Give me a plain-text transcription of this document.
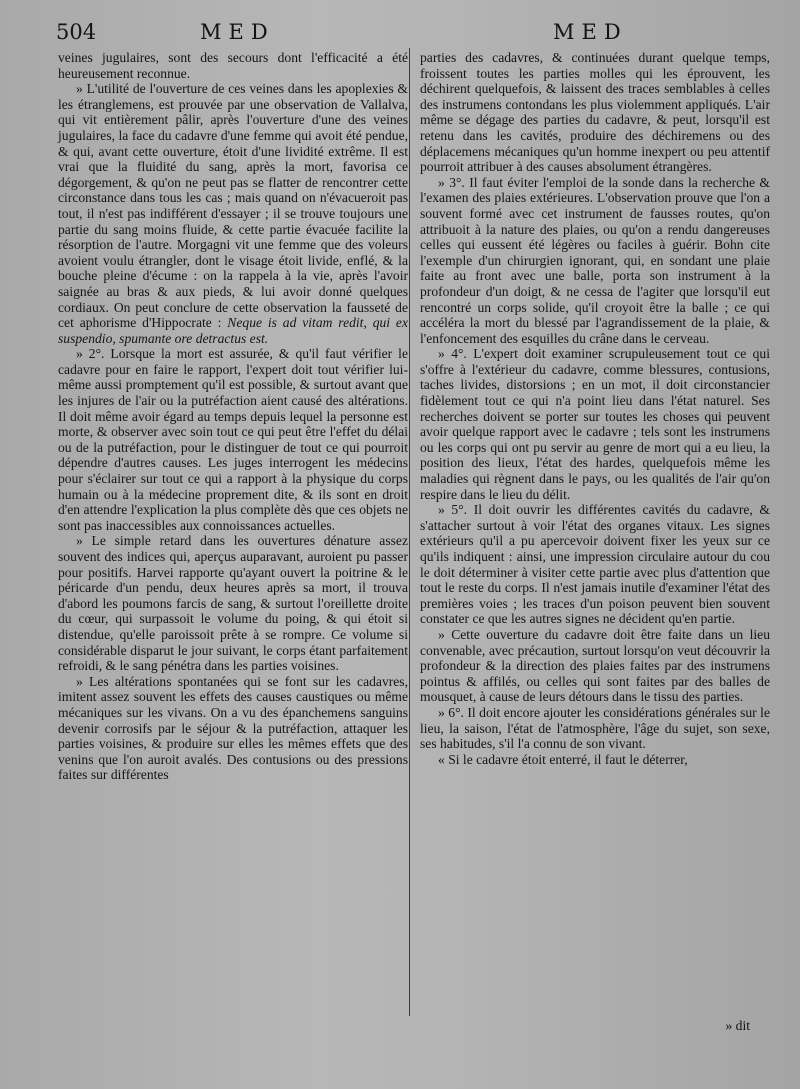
504	MED	MED

veines jugulaires, sont des secours dont l'efficacité a été heureusement reconnue.

» L'utilité de l'ouverture de ces veines dans les apoplexies & les étranglemens, est prouvée par une observation de Vallalva, qui vit entièrement pâlir, après l'ouverture d'une des veines jugulaires, la face du cadavre d'une femme qui avoit été pendue, & qui, avant cette ouverture, étoit d'une lividité extrême. Il est vrai que la fluidité du sang, après la mort, favorisa ce dégorgement, & qu'on ne peut pas se flatter de rencontrer cette circonstance dans tous les cas ; mais quand on n'évacueroit pas tout, il n'est pas indifférent d'essayer ; il se trouve toujours une partie du sang moins fluide, & cette partie évacuée facilite la résorption de l'autre. Morgagni vit une femme que des voleurs avoient voulu étrangler, dont le visage étoit livide, enflé, & la bouche pleine d'écume : on la rappela à la vie, après l'avoir saignée au bras & aux pieds, & lui avoir donné quelques cordiaux. On peut conclure de cette observation la fausseté de cet aphorisme d'Hippocrate : Neque is ad vitam redit, qui ex suspendio, spumante ore detractus est.

» 2°. Lorsque la mort est assurée, & qu'il faut vérifier le cadavre pour en faire le rapport, l'expert doit tout vérifier lui-même aussi promptement qu'il est possible, & surtout avant que les injures de l'air ou la putréfaction aient causé des altérations. Il doit même avoir égard au temps depuis lequel la personne est morte, & observer avec soin tout ce qui peut être l'effet du délai ou de la putréfaction, pour le distinguer de tout ce qui pourroit dépendre d'autres causes. Les juges interrogent les médecins pour s'éclairer sur tout ce qui a rapport à la physique du corps humain ou à la médecine proprement dite, & ils sont en droit d'en attendre l'explication la plus complète dès que ces objets ne sont pas inaccessibles aux connoissances actuelles.

» Le simple retard dans les ouvertures dénature assez souvent des indices qui, aperçus auparavant, auroient pu passer pour positifs. Harvei rapporte qu'ayant ouvert la poitrine & le péricarde d'un pendu, deux heures après sa mort, il trouva d'abord les poumons farcis de sang, & surtout l'oreillette droite du cœur, qui surpassoit le volume du poing, & qui étoit si distendue, qu'elle paroissoit prête à se rompre. Ce volume si considérable disparut le jour suivant, le corps étant parfaitement refroidi, & le sang pénétra dans les parties voisines.

» Les altérations spontanées qui se font sur les cadavres, imitent assez souvent les effets des causes caustiques ou même mécaniques sur les vivans. On a vu des épanchemens sanguins devenir corrosifs par le séjour & la putréfaction, attaquer les parties voisines, & produire sur elles les mêmes effets que des venins que l'on auroit avalés. Des contusions ou des pressions faites sur différentes

parties des cadavres, & continuées durant quelque temps, froissent toutes les parties molles qui les éprouvent, les déchirent quelquefois, & laissent des traces semblables à celles des instrumens contondans les plus violemment appliqués. L'air même se dégage des parties du cadavre, & peut, lorsqu'il est retenu dans les cavités, produire des déchiremens ou des déplacemens mécaniques qu'un homme inexpert ou peu attentif pourroit attribuer à des causes absolument étrangères.

» 3°. Il faut éviter l'emploi de la sonde dans la recherche & l'examen des plaies extérieures. L'observation prouve que l'on a souvent formé avec cet instrument de fausses routes, qu'on attribuoit à la nature des plaies, ou qu'on a rendu dangereuses celles qui eussent été légères ou faciles à guérir. Bohn cite l'exemple d'un chirurgien ignorant, qui, en sondant une plaie faite au front avec une balle, porta son instrument à la profondeur d'un doigt, & ne cessa de l'agiter que lorsqu'il eut rencontré un corps solide, qu'il croyoit être la balle ; ce qui accéléra la mort du blessé par l'agrandissement de la plaie, & l'enfoncement des esquilles du crâne dans le cerveau.

» 4°. L'expert doit examiner scrupuleusement tout ce qui s'offre à l'extérieur du cadavre, comme blessures, contusions, taches livides, distorsions ; en un mot, il doit circonstancier fidèlement tout ce qui n'a point lieu dans l'état naturel. Ses recherches doivent se porter sur toutes les choses qui peuvent avoir quelque rapport avec le cadavre ; tels sont les instrumens ou les corps qui ont pu servir au genre de mort qui a eu lieu, la position des lieux, l'état des hardes, quelquefois même les maladies qui règnent dans le pays, ou les qualités de l'air qu'on respire dans le lieu du délit.

» 5°. Il doit ouvrir les différentes cavités du cadavre, & s'attacher surtout à voir l'état des organes vitaux. Les signes extérieurs qu'il a pu apercevoir doivent fixer les yeux sur ce qu'ils indiquent : ainsi, une impression circulaire autour du cou le doit déterminer à visiter cette partie avec plus d'attention que tout le reste du corps. Il n'est jamais inutile d'examiner l'état des premières voies ; les traces d'un poison peuvent bien souvent constater ce que les autres signes ne décident qu'en partie.

» Cette ouverture du cadavre doit être faite dans un lieu convenable, avec précaution, surtout lorsqu'on veut découvrir la profondeur & la direction des plaies faites par des instrumens pointus & affilés, ou celles qui sont faites par des balles de mousquet, à cause de leurs détours dans le tissu des parties.

» 6°. Il doit encore ajouter les considérations générales sur le lieu, la saison, l'état de l'atmosphère, l'âge du sujet, son sexe, ses habitudes, s'il l'a connu de son vivant.

« Si le cadavre étoit enterré, il faut le déterrer,

» dit
